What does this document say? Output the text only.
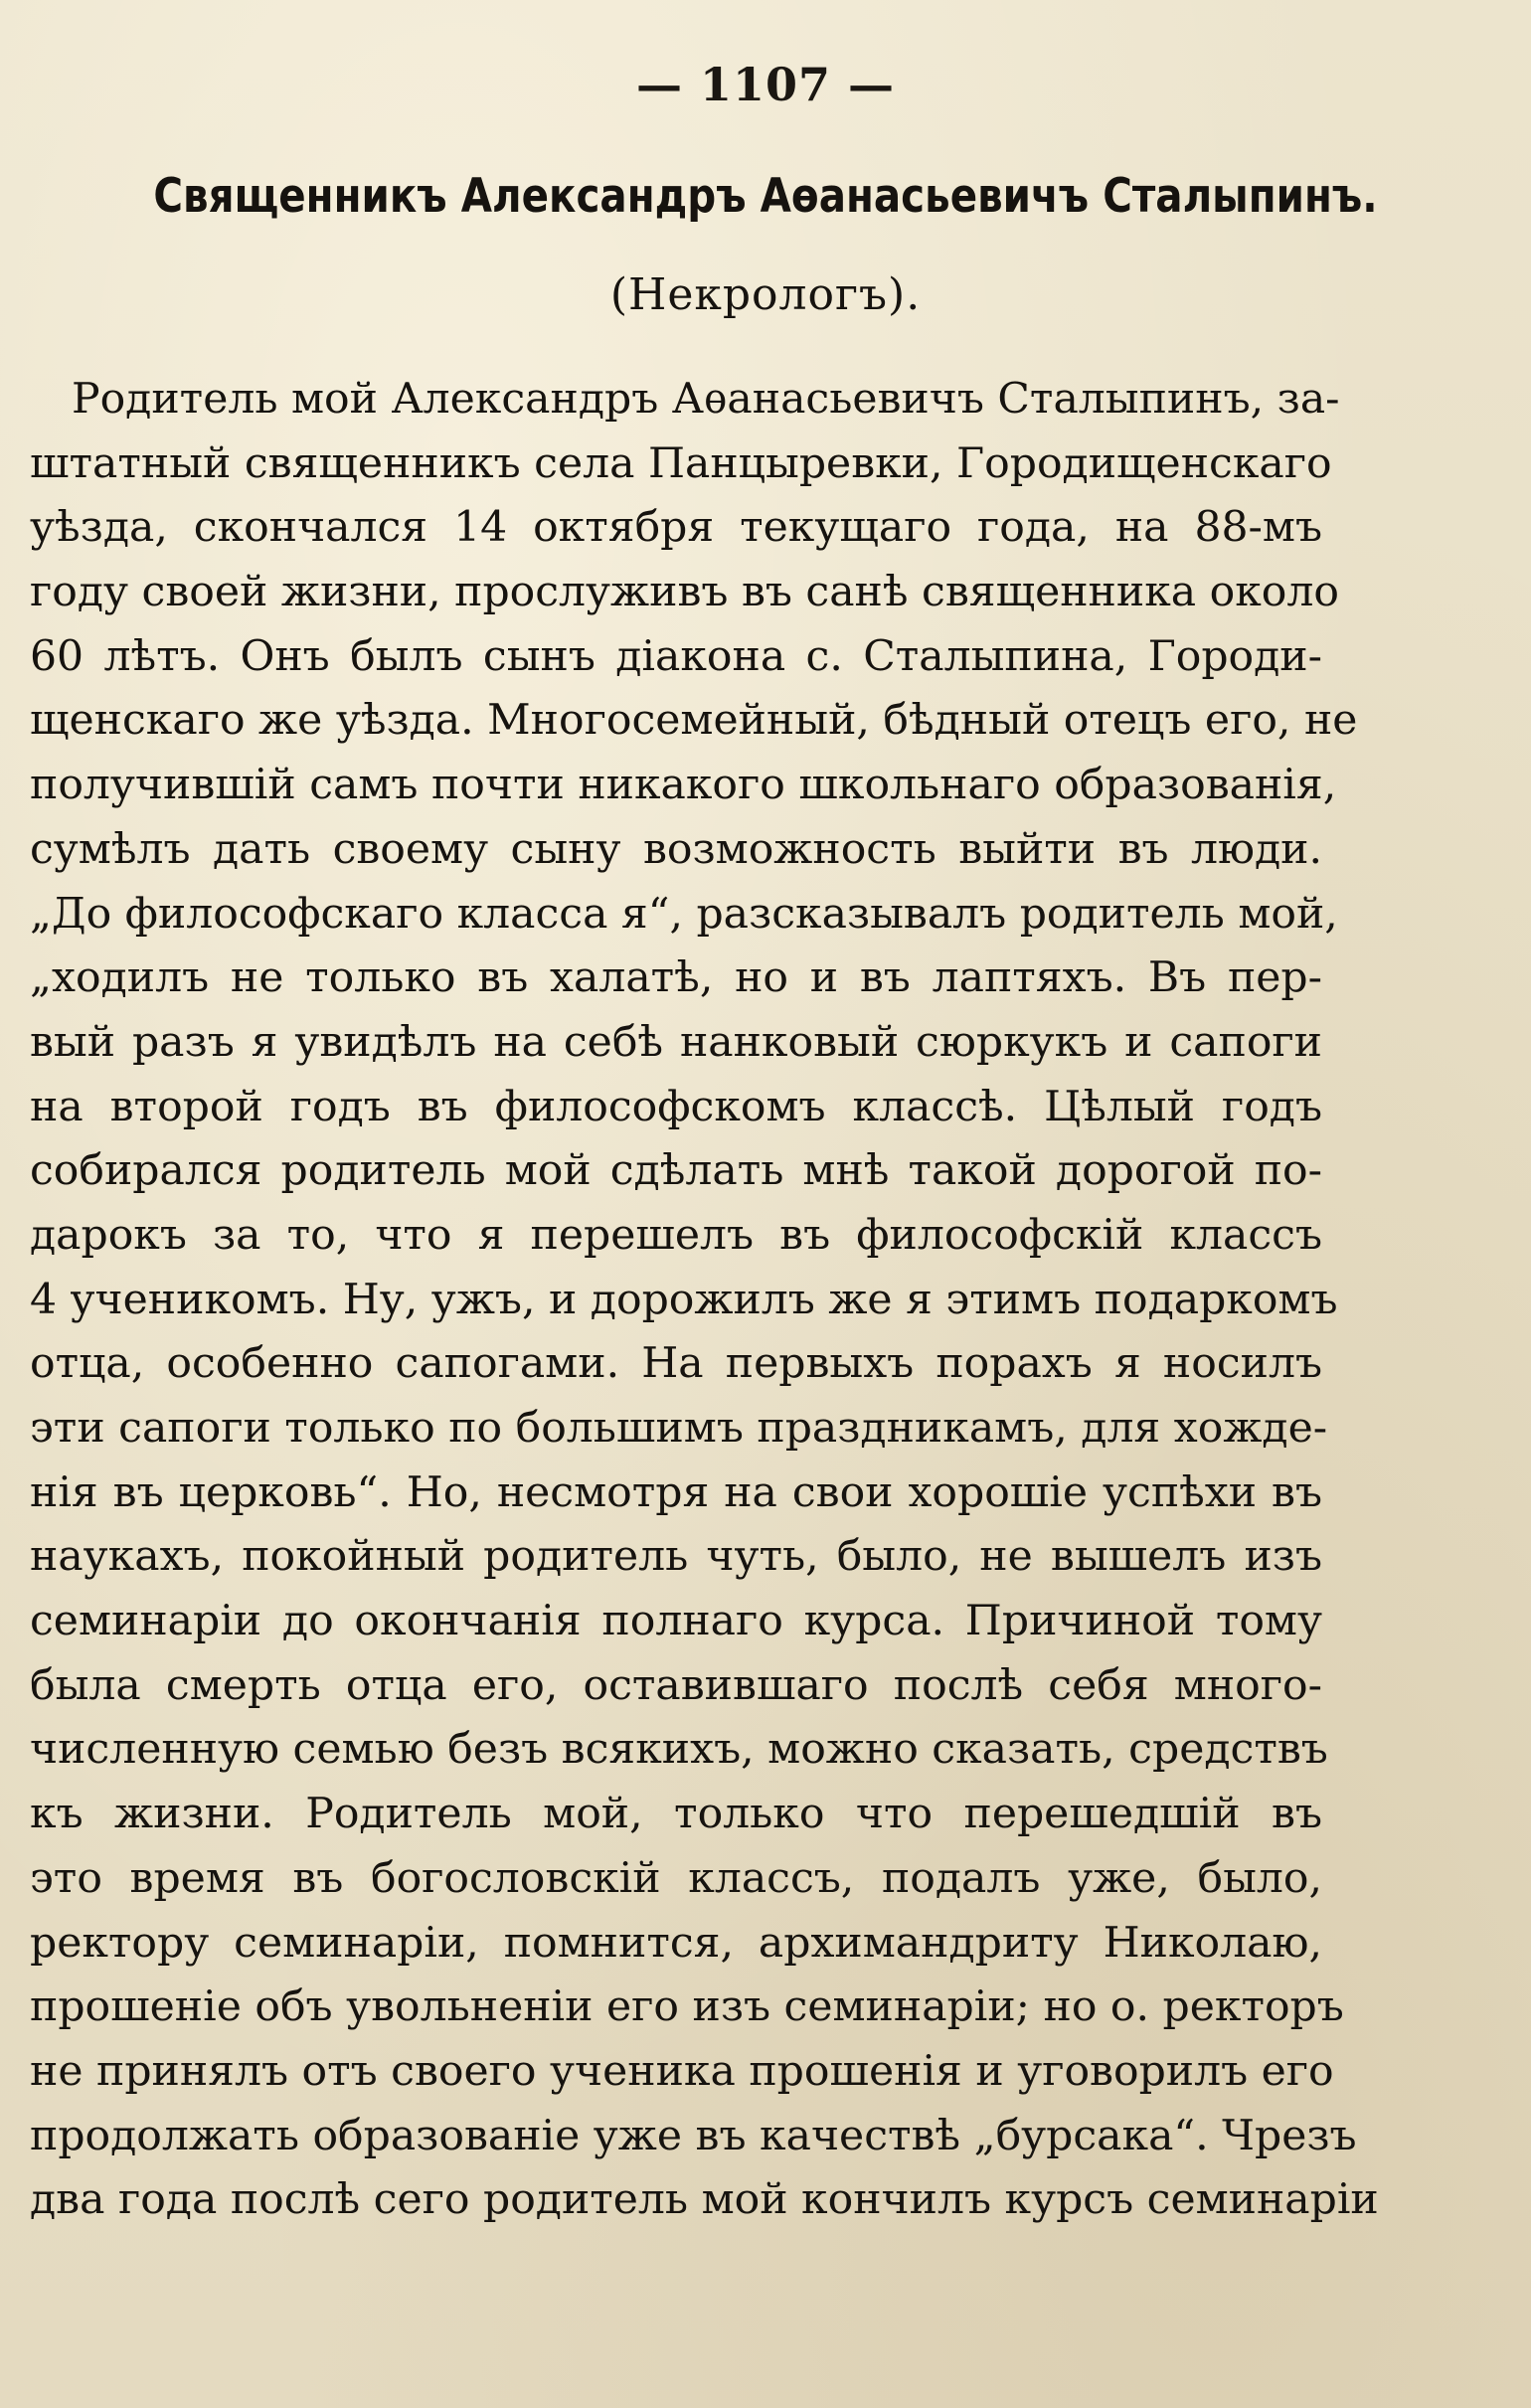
— 1107 —
Священникъ Александръ Аѳанасьевичъ Сталыпинъ.
(Некрологъ).
Родитель мой Александръ Аѳанасьевичъ Сталыпинъ, за-
штатный священникъ села Панцыревки, Городищенскаго
уѣзда, скончался 14 октября текущаго года, на 88-мъ
году своей жизни, прослуживъ въ санѣ священника около
60 лѣтъ. Онъ былъ сынъ діакона с. Сталыпина, Городи-
щенскаго же уѣзда. Многосемейный, бѣдный отецъ его, не
получившій самъ почти никакого школьнаго образованія,
сумѣлъ дать своему сыну возможность выйти въ люди.
„До философскаго класса я“, разсказывалъ родитель мой,
„ходилъ не только въ халатѣ, но и въ лаптяхъ. Въ пер-
вый разъ я увидѣлъ на себѣ нанковый сюркукъ и сапоги
на второй годъ въ философскомъ классѣ. Цѣлый годъ
собирался родитель мой сдѣлать мнѣ такой дорогой по-
дарокъ за то, что я перешелъ въ философскій классъ
4 ученикомъ. Ну, ужъ, и дорожилъ же я этимъ подаркомъ
отца, особенно сапогами. На первыхъ порахъ я носилъ
эти сапоги только по большимъ праздникамъ, для хожде-
нія въ церковь“. Но, несмотря на свои хорошіе успѣхи въ
наукахъ, покойный родитель чуть, было, не вышелъ изъ
семинаріи до окончанія полнаго курса. Причиной тому
была смерть отца его, оставившаго послѣ себя много-
численную семью безъ всякихъ, можно сказать, средствъ
къ жизни. Родитель мой, только что перешедшій въ
это время въ богословскій классъ, подалъ уже, было,
ректору семинаріи, помнится, архимандриту Николаю,
прошеніе объ увольненіи его изъ семинаріи; но о. ректоръ
не принялъ отъ своего ученика прошенія и уговорилъ его
продолжать образованіе уже въ качествѣ „бурсака“. Чрезъ
два года послѣ сего родитель мой кончилъ курсъ семинаріи
